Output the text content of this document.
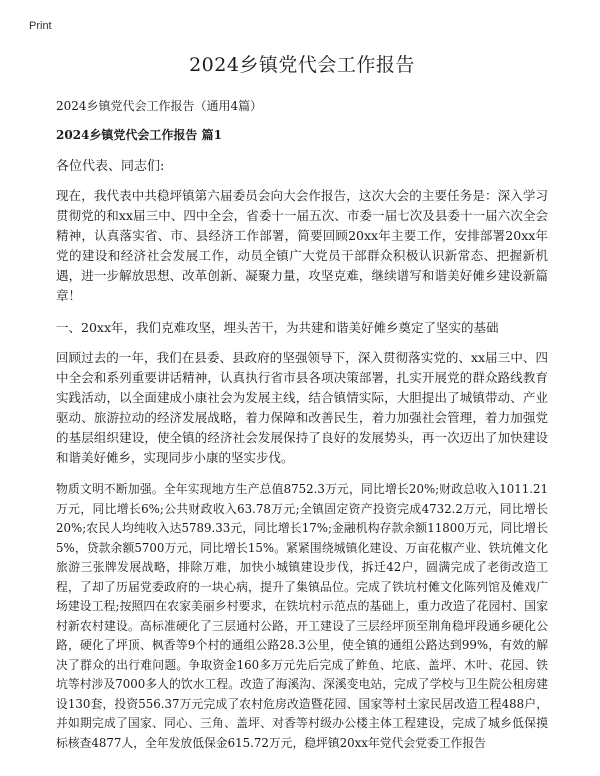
Print
2024乡镇党代会工作报告

2024乡镇党代会工作报告（通用4篇）

2024乡镇党代会工作报告 篇1

各位代表、同志们:

现在，我代表中共稳坪镇第六届委员会向大会作报告，这次大会的主要任务是：深入学习贯彻党的和xx届三中、四中全会，省委十一届五次、市委一届七次及县委十一届六次全会精神，认真落实省、市、县经济工作部署，简要回顾20xx年主要工作，安排部署20xx年党的建设和经济社会发展工作，动员全镇广大党员干部群众积极认识新常态、把握新机遇，进一步解放思想、改革创新、凝聚力量，攻坚克难，继续谱写和谐美好傩乡建设新篇章！

一、20xx年，我们克难攻坚，埋头苦干，为共建和谐美好傩乡奠定了坚实的基础

回顾过去的一年，我们在县委、县政府的坚强领导下，深入贯彻落实党的、xx届三中、四中全会和系列重要讲话精神，认真执行省市县各项决策部署，扎实开展党的群众路线教育实践活动，以全面建成小康社会为发展主线，结合镇情实际，大胆提出了城镇带动、产业驱动、旅游拉动的经济发展战略，着力保障和改善民生，着力加强社会管理，着力加强党的基层组织建设，使全镇的经济社会发展保持了良好的发展势头，再一次迈出了加快建设和谐美好傩乡，实现同步小康的坚实步伐。

物质文明不断加强。全年实现地方生产总值8752.3万元，同比增长20%;财政总收入1011.21万元，同比增长6%;公共财政收入63.78万元;全镇固定资产投资完成4732.2万元，同比增长20%;农民人均纯收入达5789.33元，同比增长17%;金融机构存款余额11800万元，同比增长5%，贷款余额5700万元，同比增长15%。紧紧围绕城镇化建设、万亩花椒产业、铁坑傩文化旅游三张牌发展战略，排除万难，加快小城镇建设步伐，拆迁42户，圆满完成了老街改造工程，了却了历届党委政府的一块心病，提升了集镇品位。完成了铁坑村傩文化陈列馆及傩戏广场建设工程;按照四在农家美丽乡村要求，在铁坑村示范点的基础上，重力改造了花园村、国家村新农村建设。高标准硬化了三层通村公路，开工建设了三层经坪顶至荆角稳坪段通乡硬化公路，硬化了坪顶、枫香等9个村的通组公路28.3公里，使全镇的通组公路达到99%，有效的解决了群众的出行难问题。争取资金160多万元先后完成了鲊鱼、坨底、盖坪、木叶、花园、铁坑等村涉及7000多人的饮水工程。改造了海溪沟、深溪变电站，完成了学校与卫生院公租房建设130套，投资556.37万元完成了农村危房改造暨花园、国家等村土家民居改造工程488户，并如期完成了国家、同心、三角、盖坪、对香等村级办公楼主体工程建设，完成了城乡低保摸标核查4877人，全年发放低保金615.72万元，稳坪镇20xx年党代会党委工作报告
